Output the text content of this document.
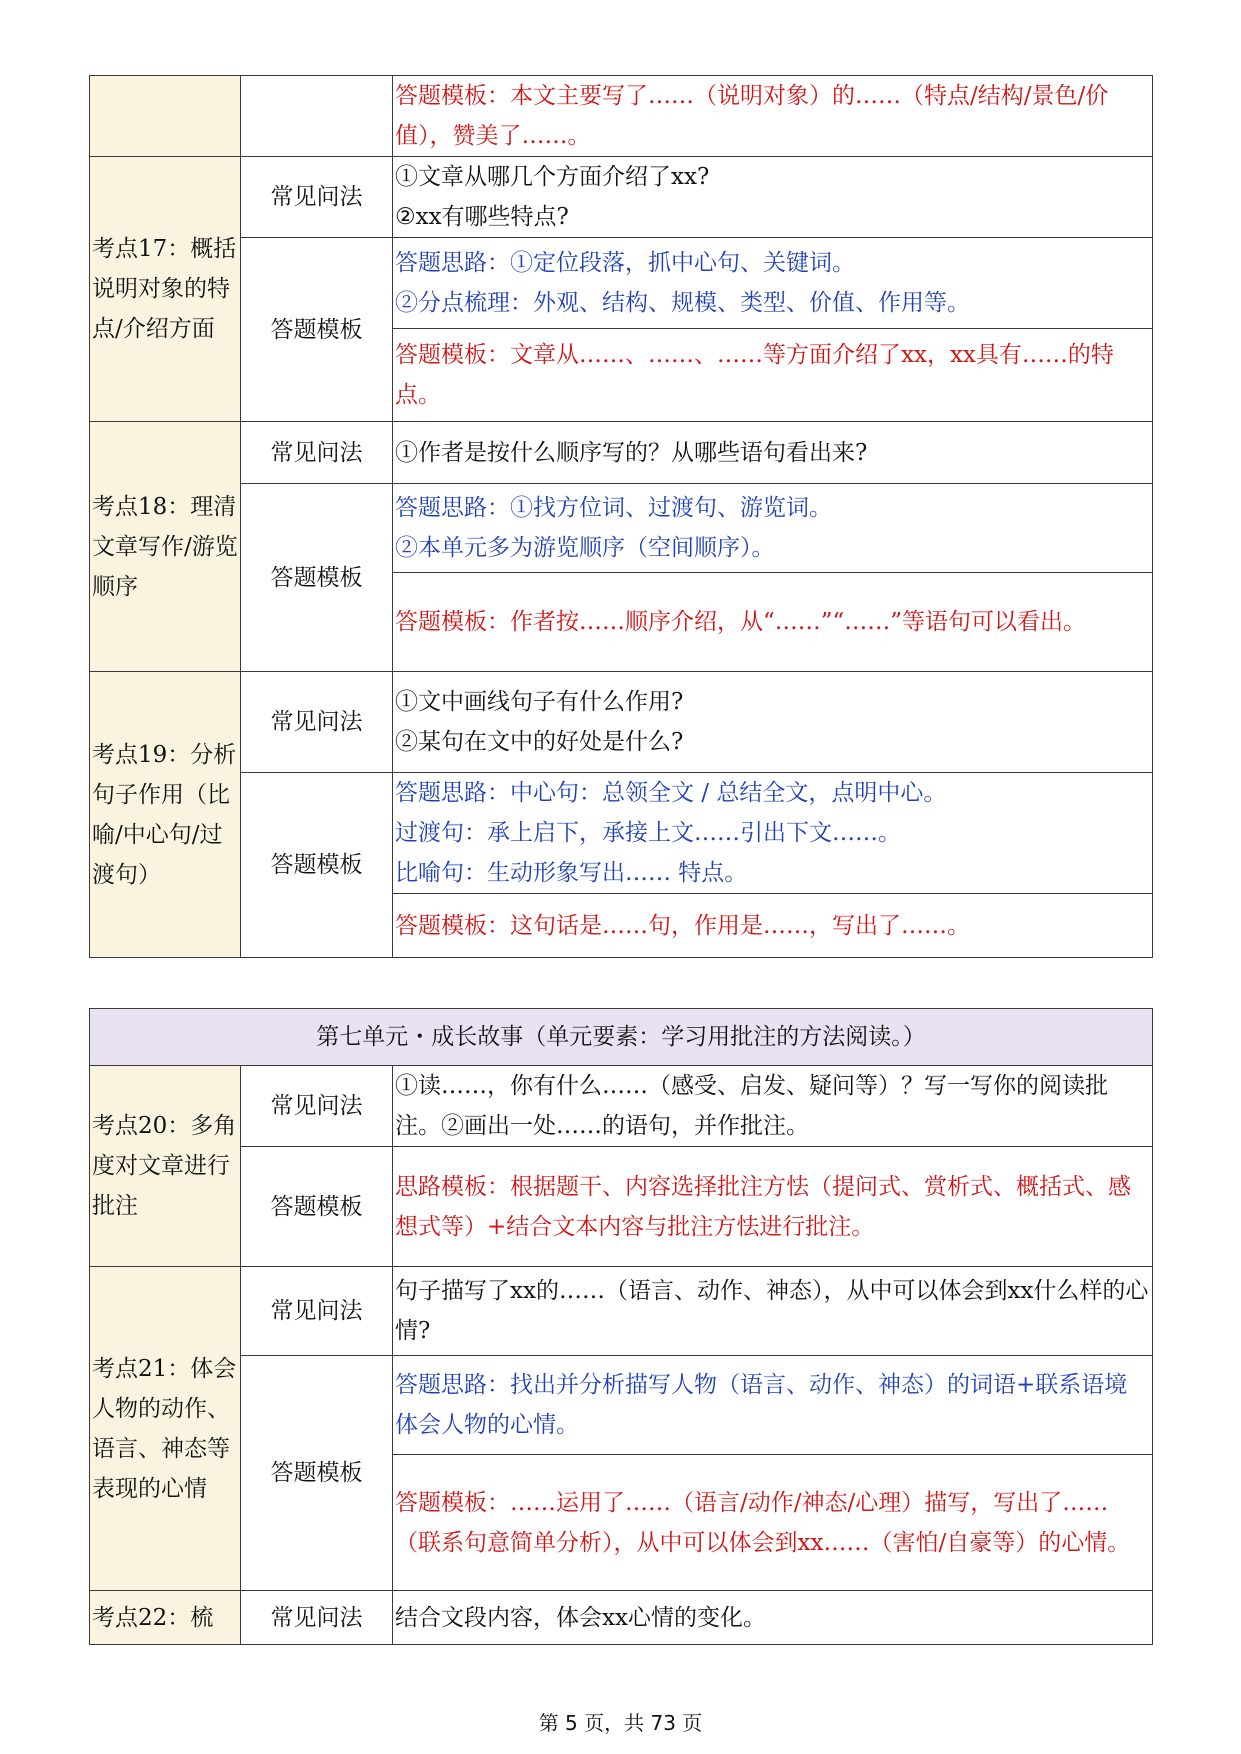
		答题模板：本文主要写了……（说明对象）的……（特点/结构/景色/价值），赞美了……。
考点17：概括说明对象的特点/介绍方面	常见问法	①文章从哪几个方面介绍了xx?
②xx有哪些特点?

	答题模板	答题思路：①定位段落，抓中心句、关键词。
②分点梳理：外观、结构、规模、类型、价值、作用等。

		答题模板：文章从……、……、……等方面介绍了xx，xx具有……的特点。
考点18：理清文章写作/游览顺序	常见问法	①作者是按什么顺序写的？从哪些语句看出来?

	答题模板	答题思路：①找方位词、过渡句、游览词。
②本单元多为游览顺序（空间顺序）。

		答题模板：作者按……顺序介绍，从“……”“……”等语句可以看出。
考点19：分析句子作用（比喻/中心句/过渡句）	常见问法	①文中画线句子有什么作用?
②某句在文中的好处是什么?

	答题模板	答题思路：中心句：总领全文 / 总结全文，点明中心。
过渡句：承上启下，承接上文……引出下文……。
比喻句：生动形象写出…… 特点。

		答题模板：这句话是……句，作用是……，写出了……。
第七单元・成长故事（单元要素：学习用批注的方法阅读。）		
考点20：多角度对文章进行批注	常见问法	①读……，你有什么……（感受、启发、疑问等）？写一写你的阅读批注。②画出一处……的语句，并作批注。
	答题模板	思路模板：根据题干、内容选择批注方怯（提问式、赏析式、概括式、感想式等）+结合文本内容与批注方怯进行批注。
考点21：体会人物的动作、语言、神态等表现的心情	常见问法	句子描写了xx的……（语言、动作、神态），从中可以体会到xx什么样的心情?
	答题模板	答题思路：找出并分析描写人物（语言、动作、神态）的词语+联系语境体会人物的心情。
		答题模板：……运用了……（语言/动作/神态/心理）描写，写出了……（联系句意简单分析），从中可以体会到xx……（害怕/自豪等）的心情。
考点22：梳	常见问法	结合文段内容，体会xx心情的变化。
第 5 页，共 73 页
